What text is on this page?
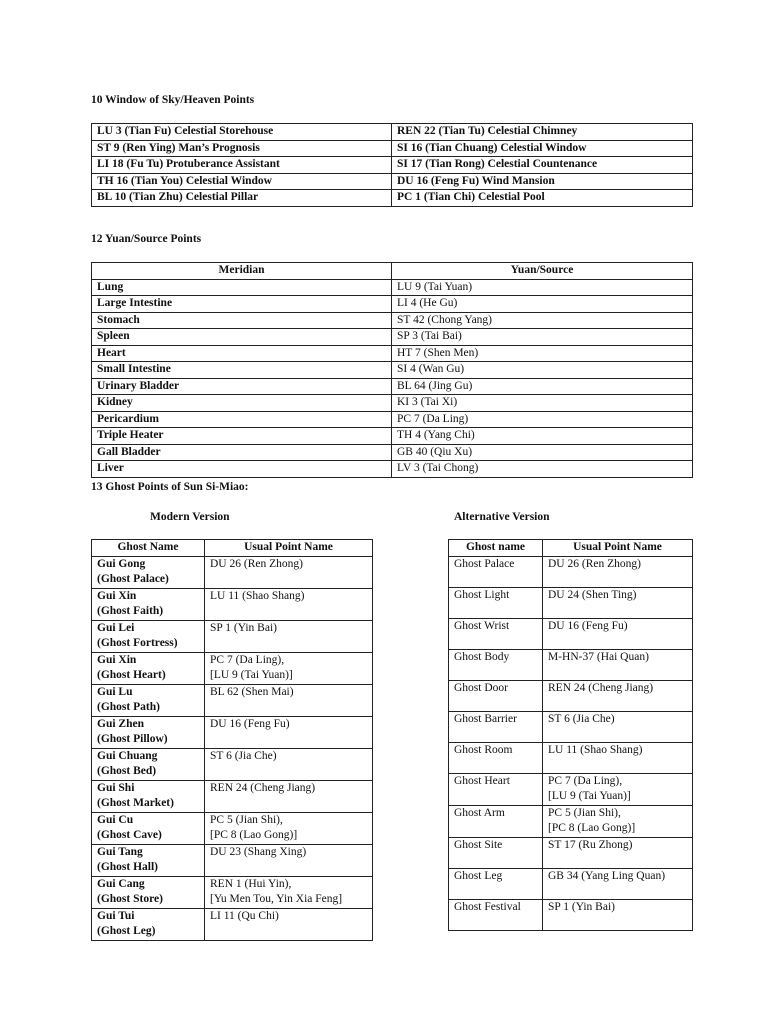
10 Window of Sky/Heaven Points
LU 3 (Tian Fu) Celestial Storehouse	REN 22 (Tian Tu) Celestial Chimney
ST 9 (Ren Ying) Man’s Prognosis	SI 16 (Tian Chuang) Celestial Window
LI 18 (Fu Tu) Protuberance Assistant	SI 17 (Tian Rong) Celestial Countenance
TH 16 (Tian You) Celestial Window	DU 16 (Feng Fu) Wind Mansion
BL 10 (Tian Zhu) Celestial Pillar	PC 1 (Tian Chi) Celestial Pool
12 Yuan/Source Points
Meridian	Yuan/Source
Lung	LU 9 (Tai Yuan)
Large Intestine	LI 4 (He Gu)
Stomach	ST 42 (Chong Yang)
Spleen	SP 3 (Tai Bai)
Heart	HT 7 (Shen Men)
Small Intestine	SI 4 (Wan Gu)
Urinary Bladder	BL 64 (Jing Gu)
Kidney	KI 3 (Tai Xi)
Pericardium	PC 7 (Da Ling)
Triple Heater	TH 4 (Yang Chi)
Gall Bladder	GB 40 (Qiu Xu)
Liver	LV 3 (Tai Chong)
13 Ghost Points of Sun Si-Miao:
Modern Version	Alternative Version
Ghost Name	Usual Point Name

Gui Gong
(Ghost Palace)	DU 26 (Ren Zhong)

Gui Xin
(Ghost Faith)	LU 11 (Shao Shang)

Gui Lei
(Ghost Fortress)	SP 1 (Yin Bai)

Gui Xin
(Ghost Heart)	PC 7 (Da Ling),
[LU 9 (Tai Yuan)]

Gui Lu
(Ghost Path)	BL 62 (Shen Mai)

Gui Zhen
(Ghost Pillow)	DU 16 (Feng Fu)

Gui Chuang
(Ghost Bed)	ST 6 (Jia Che)

Gui Shi
(Ghost Market)	REN 24 (Cheng Jiang)

Gui Cu
(Ghost Cave)	PC 5 (Jian Shi),
[PC 8 (Lao Gong)]

Gui Tang
(Ghost Hall)	DU 23 (Shang Xing)

Gui Cang
(Ghost Store)	REN 1 (Hui Yin),
[Yu Men Tou, Yin Xia Feng]

Gui Tui
(Ghost Leg)	LI 11 (Qu Chi)
Ghost name	Usual Point Name

Ghost Palace	DU 26 (Ren Zhong)

Ghost Light	DU 24 (Shen Ting)

Ghost Wrist	DU 16 (Feng Fu)

Ghost Body	M-HN-37 (Hai Quan)

Ghost Door	REN 24 (Cheng Jiang)

Ghost Barrier	ST 6 (Jia Che)

Ghost Room	LU 11 (Shao Shang)

Ghost Heart	PC 7 (Da Ling),
[LU 9 (Tai Yuan)]

Ghost Arm	PC 5 (Jian Shi),
[PC 8 (Lao Gong)]

Ghost Site	ST 17 (Ru Zhong)

Ghost Leg	GB 34 (Yang Ling Quan)

Ghost Festival	SP 1 (Yin Bai)
